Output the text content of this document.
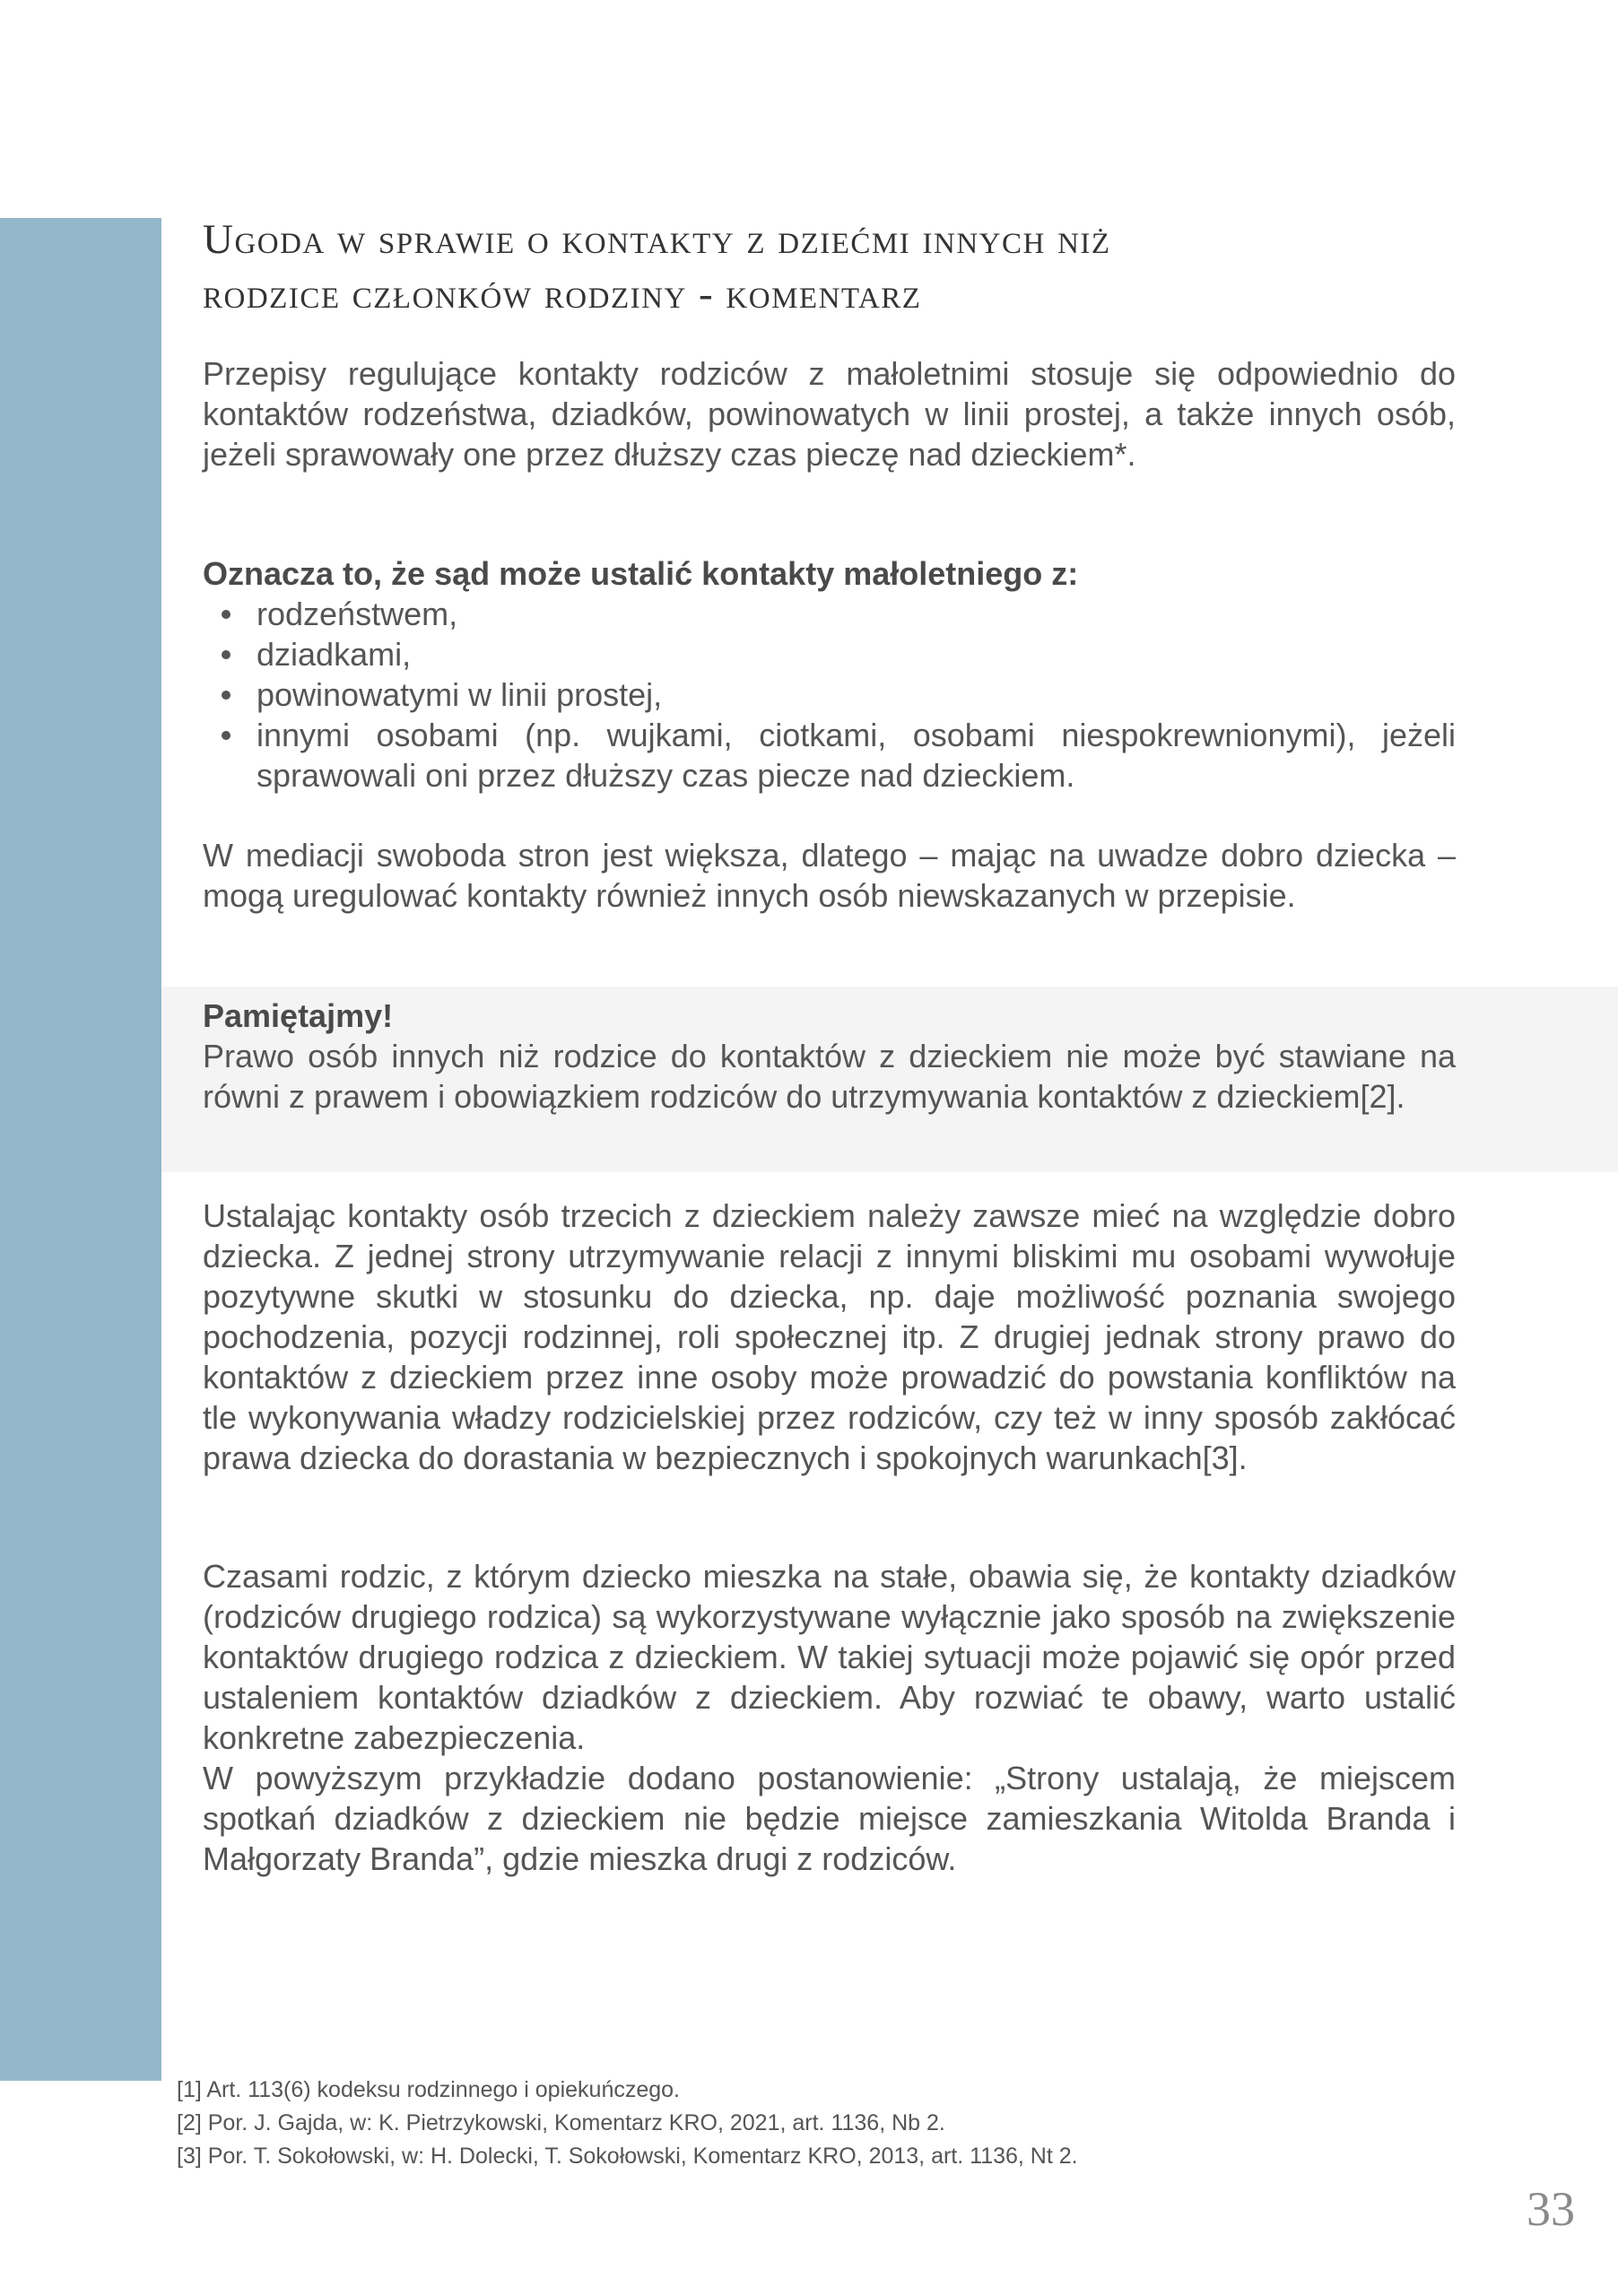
Ugoda w sprawie o kontakty z dziećmi innych niż
rodzice członków rodziny - komentarz

Przepisy regulujące kontakty rodziców z małoletnimi stosuje się odpowiednio do kontaktów rodzeństwa, dziadków, powinowatych w linii prostej, a także innych osób, jeżeli sprawowały one przez dłuższy czas pieczę nad dzieckiem*.

Oznacza to, że sąd może ustalić kontakty małoletniego z:
rodzeństwem,
dziadkami,
powinowatymi w linii prostej,
innymi osobami (np. wujkami, ciotkami, osobami niespokrewnionymi), jeżeli sprawowali oni przez dłuższy czas piecze nad dzieckiem.

W mediacji swoboda stron jest większa, dlatego – mając na uwadze dobro dziecka – mogą uregulować kontakty również innych osób niewskazanych w przepisie.

Pamiętajmy!

Prawo osób innych niż rodzice do kontaktów z dzieckiem nie może być stawiane na równi z prawem i obowiązkiem rodziców do utrzymywania kontaktów z dzieckiem[2].

Ustalając kontakty osób trzecich z dzieckiem należy zawsze mieć na względzie dobro dziecka. Z jednej strony utrzymywanie relacji z innymi bliskimi mu osobami wywołuje pozytywne skutki w stosunku do dziecka, np. daje możliwość poznania swojego pochodzenia, pozycji rodzinnej, roli społecznej itp. Z drugiej jednak strony prawo do kontaktów z dzieckiem przez inne osoby może prowadzić do powstania konfliktów na tle wykonywania władzy rodzicielskiej przez rodziców, czy też w inny sposób zakłócać prawa dziecka do dorastania w bezpiecznych i spokojnych warunkach[3].

Czasami rodzic, z którym dziecko mieszka na stałe, obawia się, że kontakty dziadków (rodziców drugiego rodzica) są wykorzystywane wyłącznie jako sposób na zwiększenie kontaktów drugiego rodzica z dzieckiem. W takiej sytuacji może pojawić się opór przed ustaleniem kontaktów dziadków z dzieckiem. Aby rozwiać te obawy, warto ustalić konkretne zabezpieczenia.

W powyższym przykładzie dodano postanowienie: „Strony ustalają, że miejscem spotkań dziadków z dzieckiem nie będzie miejsce zamieszkania Witolda Branda i Małgorzaty Branda”, gdzie mieszka drugi z rodziców.

[1] Art. 113(6) kodeksu rodzinnego i opiekuńczego.
[2] Por. J. Gajda, w: K. Pietrzykowski, Komentarz KRO, 2021, art. 1136, Nb 2.
[3] Por. T. Sokołowski, w: H. Dolecki, T. Sokołowski, Komentarz KRO, 2013, art. 1136, Nt 2.
33
